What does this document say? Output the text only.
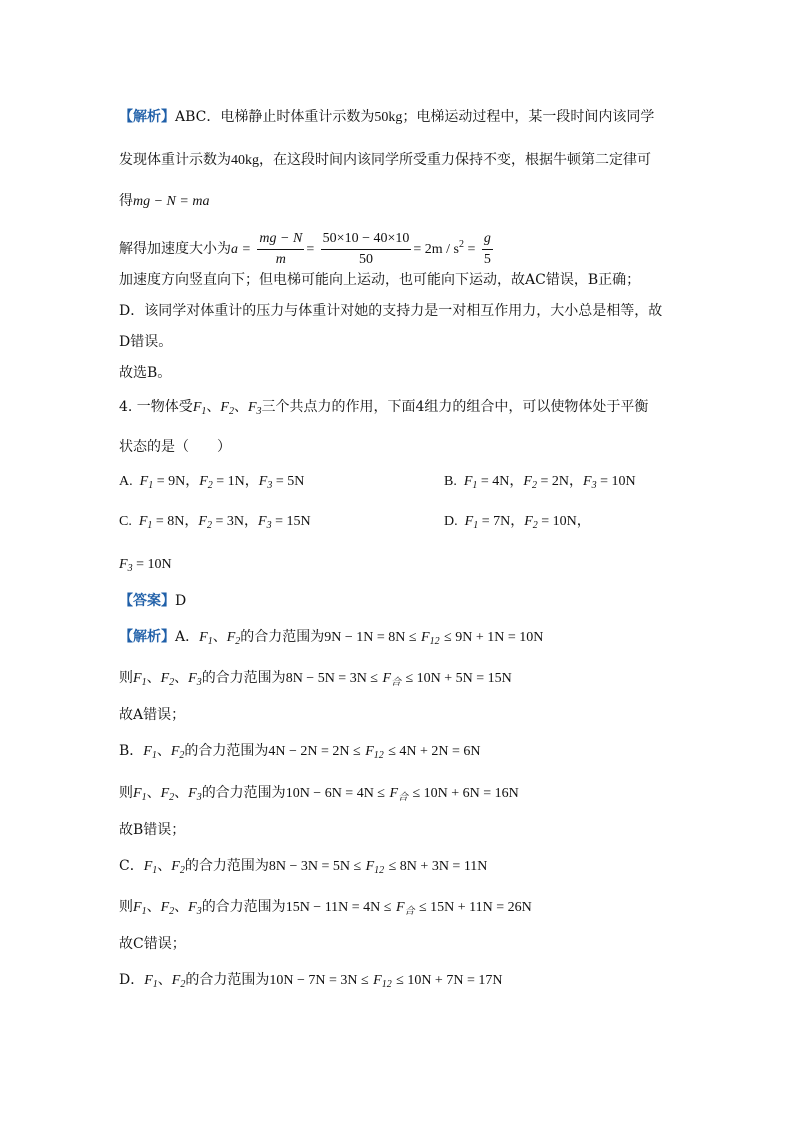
【解析】ABC．电梯静止时体重计示数为50kg；电梯运动过程中，某一段时间内该同学
发现体重计示数为40kg，在这段时间内该同学所受重力保持不变，根据牛顿第二定律可
得mg − N = ma
解得加速度大小为$a = \frac{mg - N}{m} = \frac{50\times 10 - 40\times 10}{50} = 2m / s^2 = \frac{g}{5}$
加速度方向竖直向下；但电梯可能向上运动，也可能向下运动，故AC错误，B正确；
D．该同学对体重计的压力与体重计对她的支持力是一对相互作用力，大小总是相等，故
D错误。
故选B。
4. 一物体受$F_1$、$F_2$、$F_3$三个共点力的作用，下面4组力的组合中，可以使物体处于平衡
状态的是（　　）
A. $F_1 = 9N$，$F_2 = 1N$，$F_3 = 5N$	B. $F_1 = 4N$，$F_2 = 2N$，$F_3 = 10N$
C. $F_1 = 8N$，$F_2 = 3N$，$F_3 = 15N$	D. $F_1 = 7N$，$F_2 = 10N$，
$F_3 = 10N$
【答案】D
【解析】A．$F_1$、$F_2$的合力范围为$9N - 1N = 8N \le F_{12} \le 9N + 1N = 10N$
则$F_1$、$F_2$、$F_3$的合力范围为$8N - 5N = 3N \le F_合 \le 10N + 5N = 15N$
故A错误；
B．$F_1$、$F_2$的合力范围为$4N - 2N = 2N \le F_{12} \le 4N + 2N = 6N$
则$F_1$、$F_2$、$F_3$的合力范围为$10N - 6N = 4N \le F_合 \le 10N + 6N = 16N$
故B错误；
C．$F_1$、$F_2$的合力范围为$8N - 3N = 5N \le F_{12} \le 8N + 3N = 11N$
则$F_1$、$F_2$、$F_3$的合力范围为$15N - 11N = 4N \le F_合 \le 15N + 11N = 26N$
故C错误；
D．$F_1$、$F_2$的合力范围为$10N - 7N = 3N \le F_{12} \le 10N + 7N = 17N$
